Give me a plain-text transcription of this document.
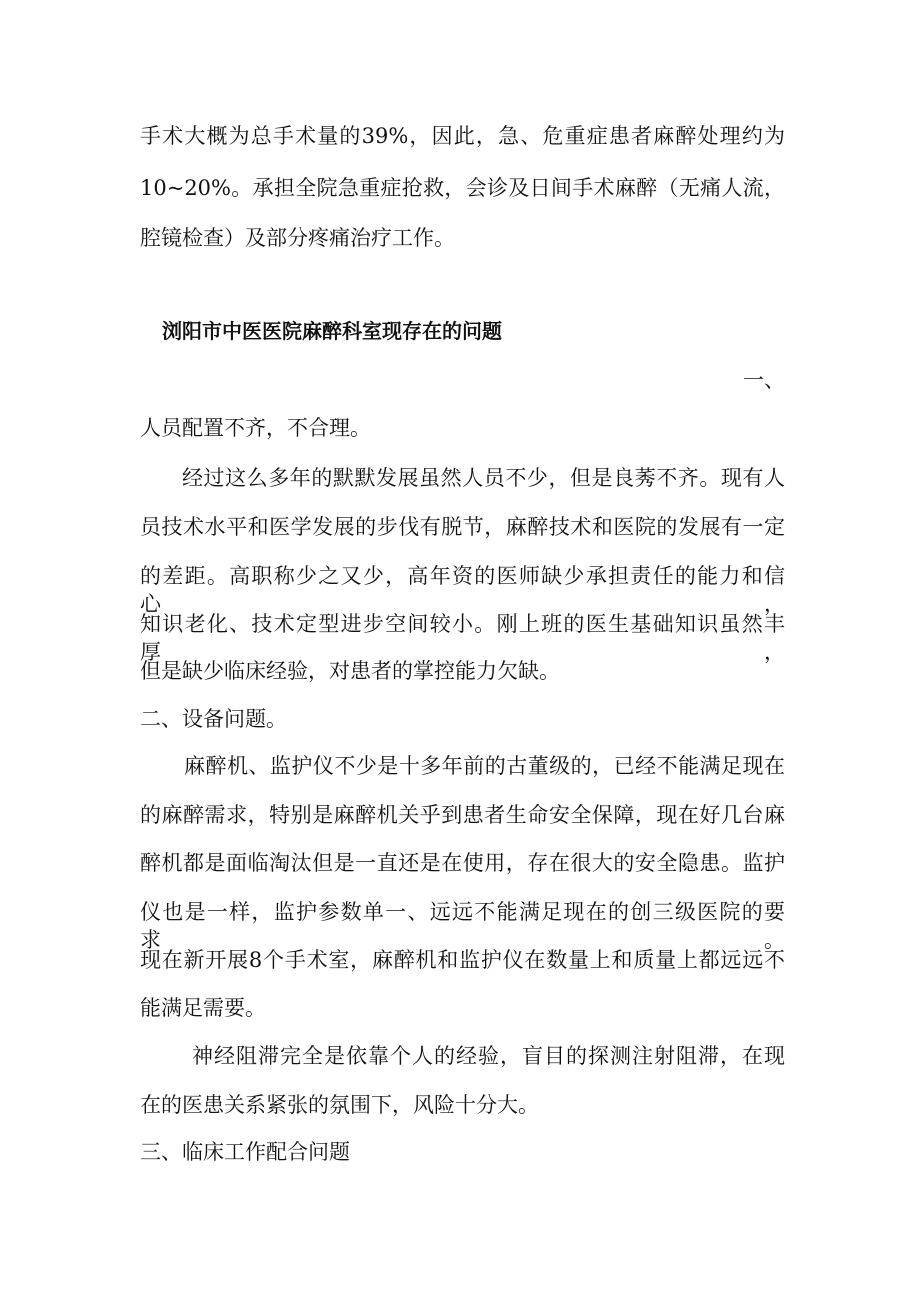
手术大概为总手术量的39%，因此，急、危重症患者麻醉处理约为
10~20%。承担全院急重症抢救，会诊及日间手术麻醉（无痛人流，
腔镜检查）及部分疼痛治疗工作。
浏阳市中医医院麻醉科室现存在的问题
一、
人员配置不齐，不合理。
经过这么多年的默默发展虽然人员不少，但是良莠不齐。现有人
员技术水平和医学发展的步伐有脱节，麻醉技术和医院的发展有一定
的差距。高职称少之又少，高年资的医师缺少承担责任的能力和信心，
知识老化、技术定型进步空间较小。刚上班的医生基础知识虽然丰厚，
但是缺少临床经验，对患者的掌控能力欠缺。
二、设备问题。
麻醉机、监护仪不少是十多年前的古董级的，已经不能满足现在
的麻醉需求，特别是麻醉机关乎到患者生命安全保障，现在好几台麻
醉机都是面临淘汰但是一直还是在使用，存在很大的安全隐患。监护
仪也是一样，监护参数单一、远远不能满足现在的创三级医院的要求。
现在新开展8个手术室，麻醉机和监护仪在数量上和质量上都远远不
能满足需要。
神经阻滞完全是依靠个人的经验，盲目的探测注射阻滞，在现
在的医患关系紧张的氛围下，风险十分大。
三、临床工作配合问题
